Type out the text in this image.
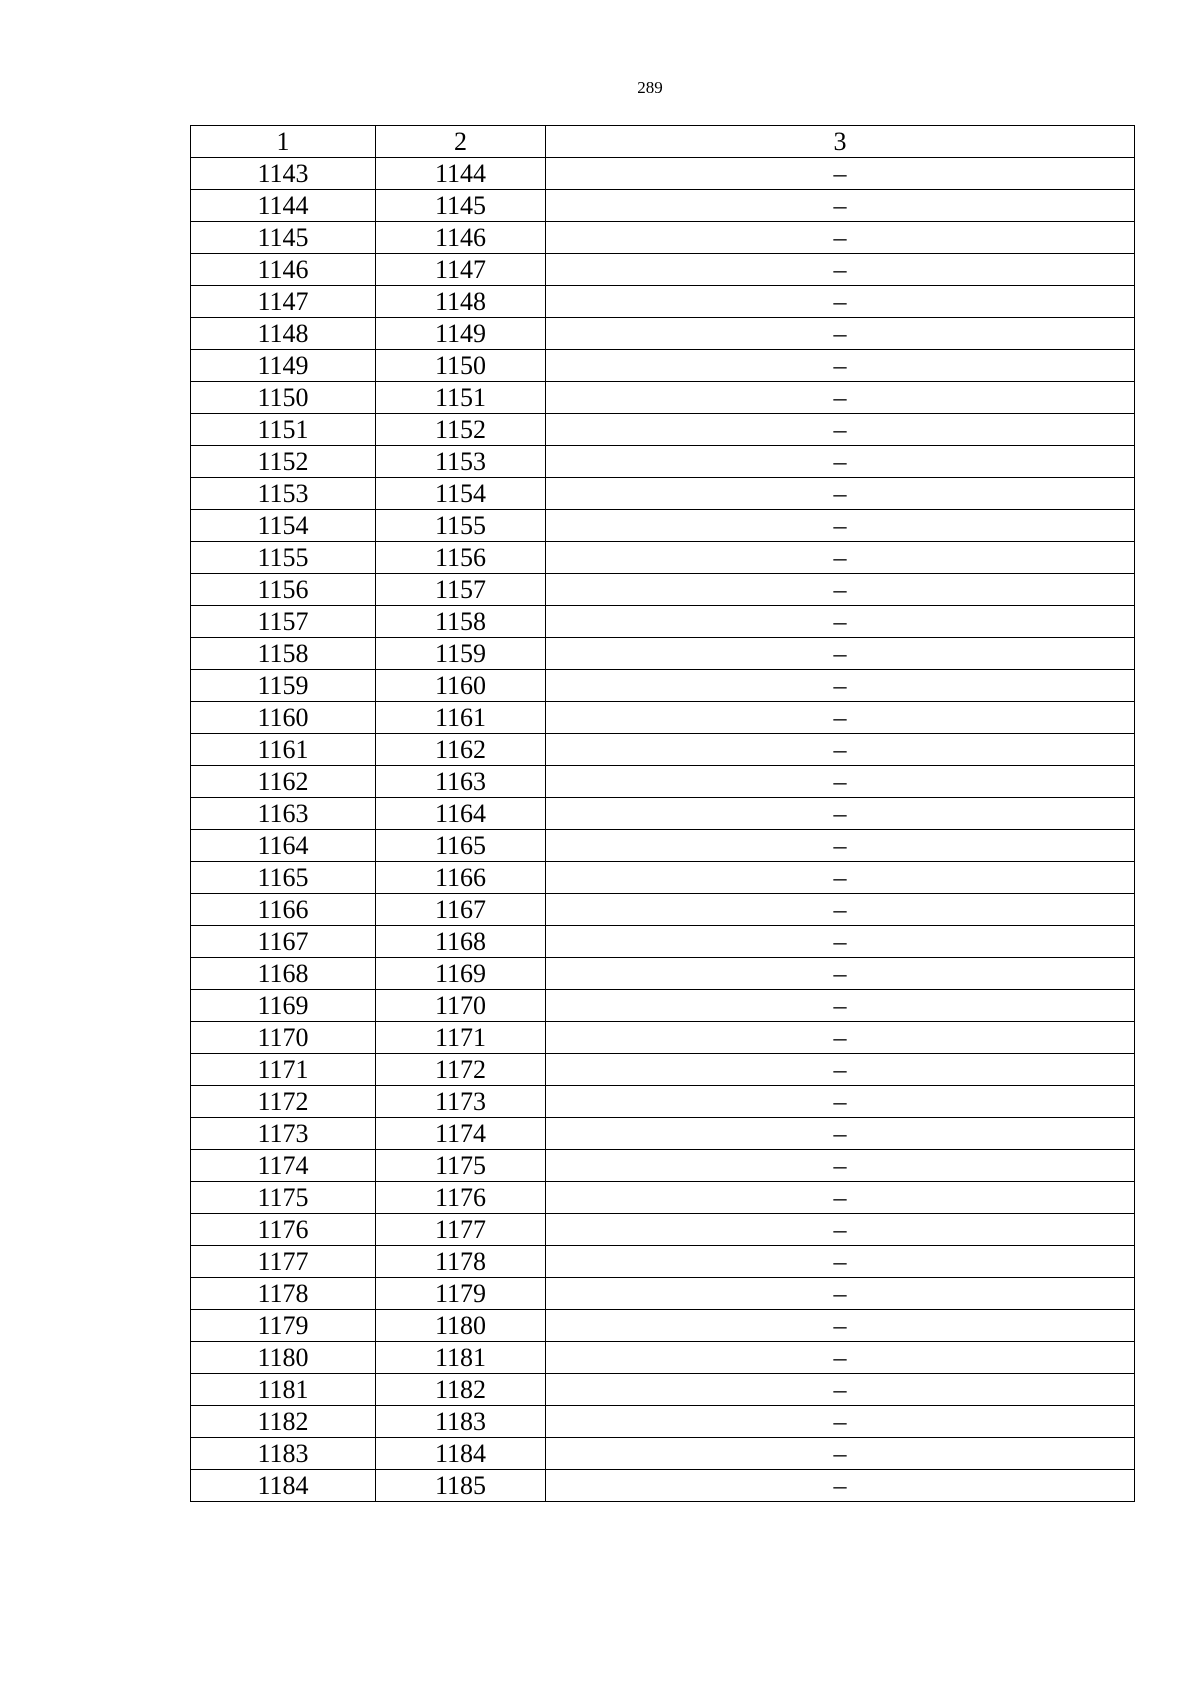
289
1	2	3
1143	1144	–
1144	1145	–
1145	1146	–
1146	1147	–
1147	1148	–
1148	1149	–
1149	1150	–
1150	1151	–
1151	1152	–
1152	1153	–
1153	1154	–
1154	1155	–
1155	1156	–
1156	1157	–
1157	1158	–
1158	1159	–
1159	1160	–
1160	1161	–
1161	1162	–
1162	1163	–
1163	1164	–
1164	1165	–
1165	1166	–
1166	1167	–
1167	1168	–
1168	1169	–
1169	1170	–
1170	1171	–
1171	1172	–
1172	1173	–
1173	1174	–
1174	1175	–
1175	1176	–
1176	1177	–
1177	1178	–
1178	1179	–
1179	1180	–
1180	1181	–
1181	1182	–
1182	1183	–
1183	1184	–
1184	1185	–
